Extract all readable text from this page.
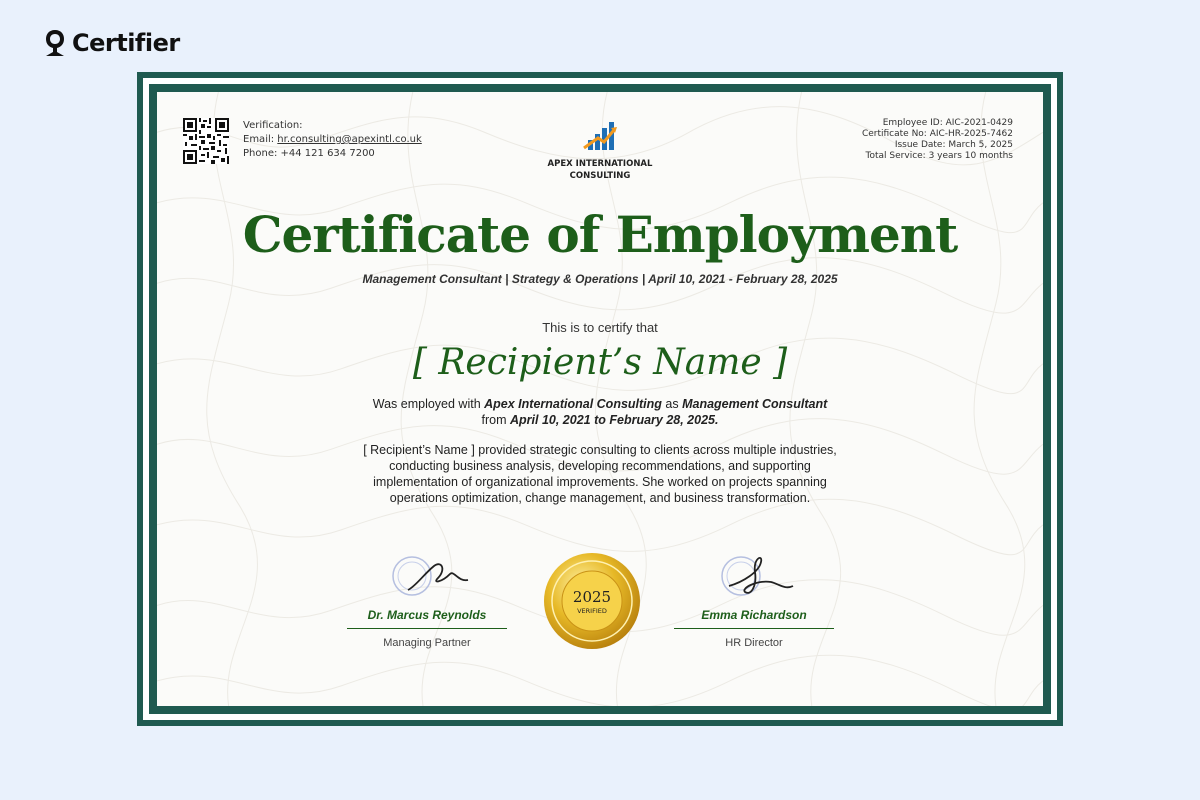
Certifier
Verification:
Email: hr.consulting@apexintl.co.uk
Phone: +44 121 634 7200
APEX INTERNATIONAL
CONSULTING
Employee ID: AIC-2021-0429
Certificate No: AIC-HR-2025-7462
Issue Date: March 5, 2025
Total Service: 3 years 10 months
Certificate of Employment
Management Consultant | Strategy & Operations | April 10, 2021 - February 28, 2025
This is to certify that
[ Recipient’s Name ]
Was employed with Apex International Consulting as Management Consultant
from April 10, 2021 to February 28, 2025.
[ Recipient’s Name ] provided strategic consulting to clients across multiple industries, conducting business analysis, developing recommendations, and supporting implementation of organizational improvements. She worked on projects spanning operations optimization, change management, and business transformation.
Dr. Marcus Reynolds
Managing Partner
2025
VERIFIED	Emma Richardson
HR Director
